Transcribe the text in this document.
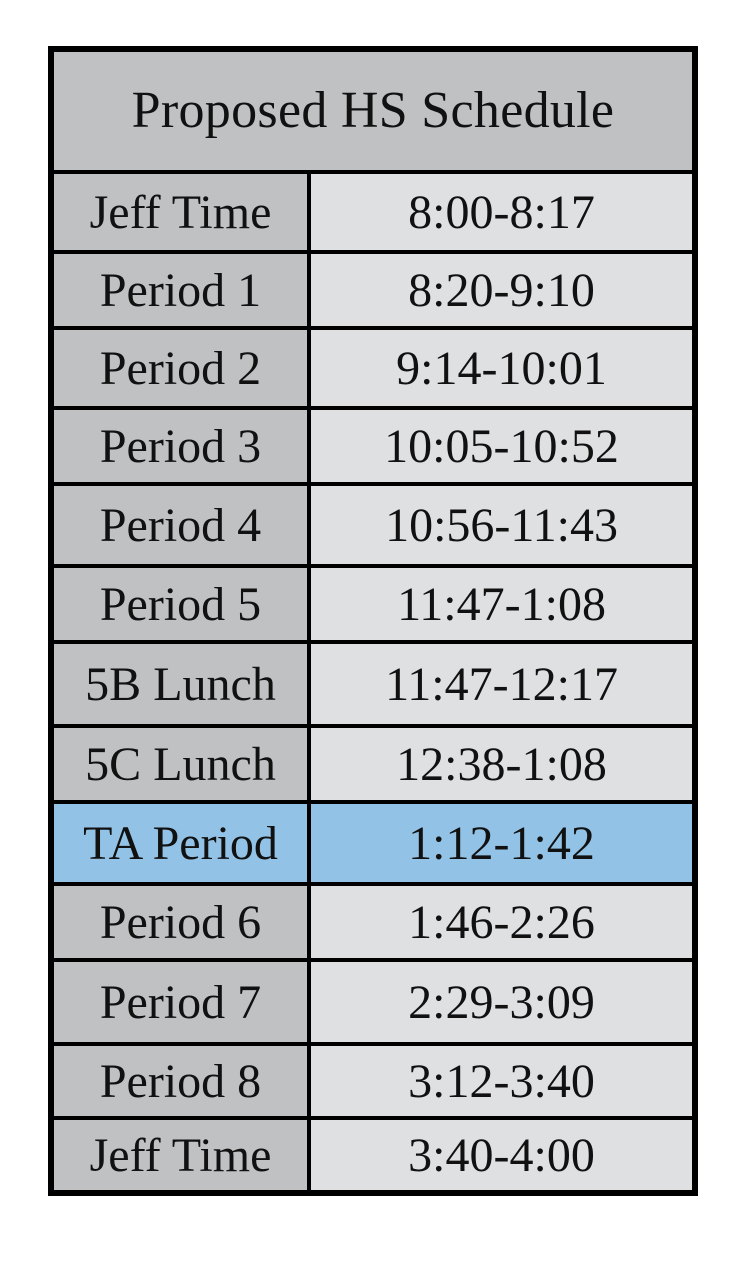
Proposed HS Schedule
Jeff Time	8:00-8:17
Period 1	8:20-9:10
Period 2	9:14-10:01
Period 3	10:05-10:52
Period 4	10:56-11:43
Period 5	11:47-1:08
5B Lunch	11:47-12:17
5C Lunch	12:38-1:08
TA Period	1:12-1:42
Period 6	1:46-2:26
Period 7	2:29-3:09
Period 8	3:12-3:40
Jeff Time	3:40-4:00
